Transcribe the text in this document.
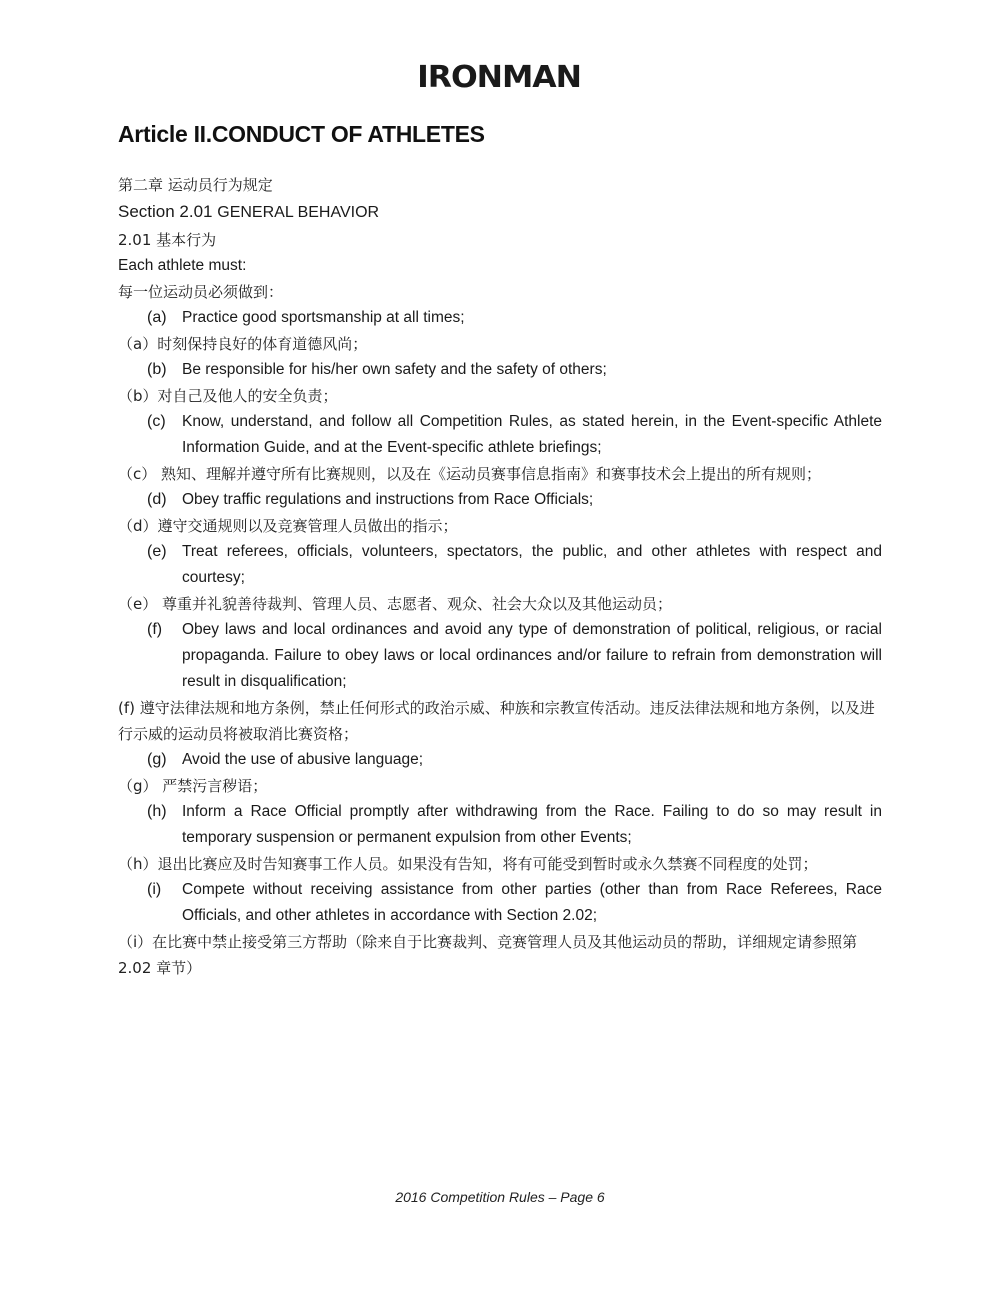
IRONMAN
Article II.CONDUCT OF ATHLETES

第二章 运动员行为规定

Section 2.01 GENERAL BEHAVIOR

2.01 基本行为

Each athlete must:

每一位运动员必须做到：

(a) Practice good sportsmanship at all times;

（a）时刻保持良好的体育道德风尚；

(b) Be responsible for his/her own safety and the safety of others;

（b）对自己及他人的安全负责；

(c) Know, understand, and follow all Competition Rules, as stated herein, in the Event-specific Athlete Information Guide, and at the Event-specific athlete briefings;

（c） 熟知、理解并遵守所有比赛规则，以及在《运动员赛事信息指南》和赛事技术会上提出的所有规则；

(d) Obey traffic regulations and instructions from Race Officials;

（d）遵守交通规则以及竞赛管理人员做出的指示；

(e) Treat referees, officials, volunteers, spectators, the public, and other athletes with respect and courtesy;

（e） 尊重并礼貌善待裁判、管理人员、志愿者、观众、社会大众以及其他运动员；

(f) Obey laws and local ordinances and avoid any type of demonstration of political, religious, or racial propaganda. Failure to obey laws or local ordinances and/or failure to refrain from demonstration will result in disqualification;

(f) 遵守法律法规和地方条例，禁止任何形式的政治示威、种族和宗教宣传活动。违反法律法规和地方条例，以及进行示威的运动员将被取消比赛资格；

(g) Avoid the use of abusive language;

（g） 严禁污言秽语；

(h) Inform a Race Official promptly after withdrawing from the Race. Failing to do so may result in temporary suspension or permanent expulsion from other Events;

（h）退出比赛应及时告知赛事工作人员。如果没有告知，将有可能受到暂时或永久禁赛不同程度的处罚；

(i) Compete without receiving assistance from other parties (other than from Race Referees, Race Officials, and other athletes in accordance with Section 2.02;

（i）在比赛中禁止接受第三方帮助（除来自于比赛裁判、竞赛管理人员及其他运动员的帮助，详细规定请参照第 2.02 章节）

2016 Competition Rules – Page 6
